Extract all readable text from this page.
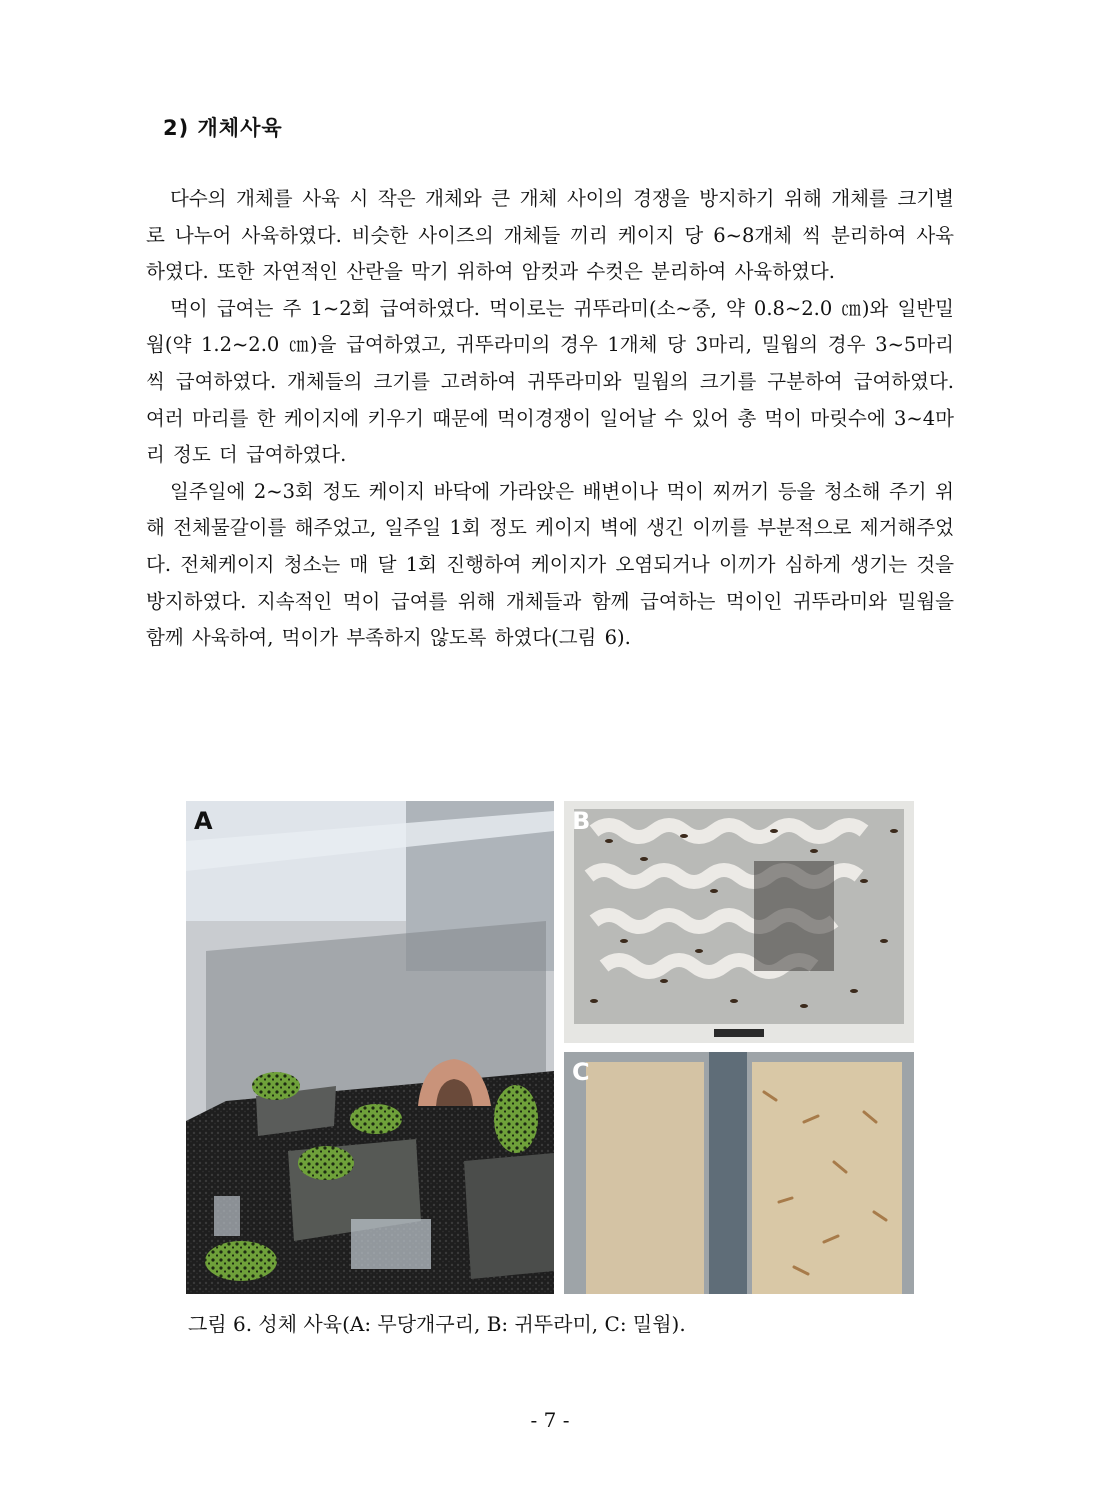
2) 개체사육

다수의 개체를 사육 시 작은 개체와 큰 개체 사이의 경쟁을 방지하기 위해 개체를 크기별로 나누어 사육하였다. 비슷한 사이즈의 개체들 끼리 케이지 당 6~8개체 씩 분리하여 사육 하였다. 또한 자연적인 산란을 막기 위하여 암컷과 수컷은 분리하여 사육하였다.

먹이 급여는 주 1~2회 급여하였다. 먹이로는 귀뚜라미(소~중, 약 0.8~2.0 ㎝)와 일반밀웜(약 1.2~2.0 ㎝)을 급여하였고, 귀뚜라미의 경우 1개체 당 3마리, 밀웜의 경우 3~5마리 씩 급여하였다. 개체들의 크기를 고려하여 귀뚜라미와 밀웜의 크기를 구분하여 급여하였다. 여러 마리를 한 케이지에 키우기 때문에 먹이경쟁이 일어날 수 있어 총 먹이 마릿수에 3~4마리 정도 더 급여하였다.

일주일에 2~3회 정도 케이지 바닥에 가라앉은 배변이나 먹이 찌꺼기 등을 청소해 주기 위해 전체물갈이를 해주었고, 일주일 1회 정도 케이지 벽에 생긴 이끼를 부분적으로 제거해주었다. 전체케이지 청소는 매 달 1회 진행하여 케이지가 오염되거나 이끼가 심하게 생기는 것을 방지하였다. 지속적인 먹이 급여를 위해 개체들과 함께 급여하는 먹이인 귀뚜라미와 밀웜을 함께 사육하여, 먹이가 부족하지 않도록 하였다(그림 6).

A	B
C
그림 6. 성체 사육(A: 무당개구리, B: 귀뚜라미, C: 밀웜).
- 7 -
